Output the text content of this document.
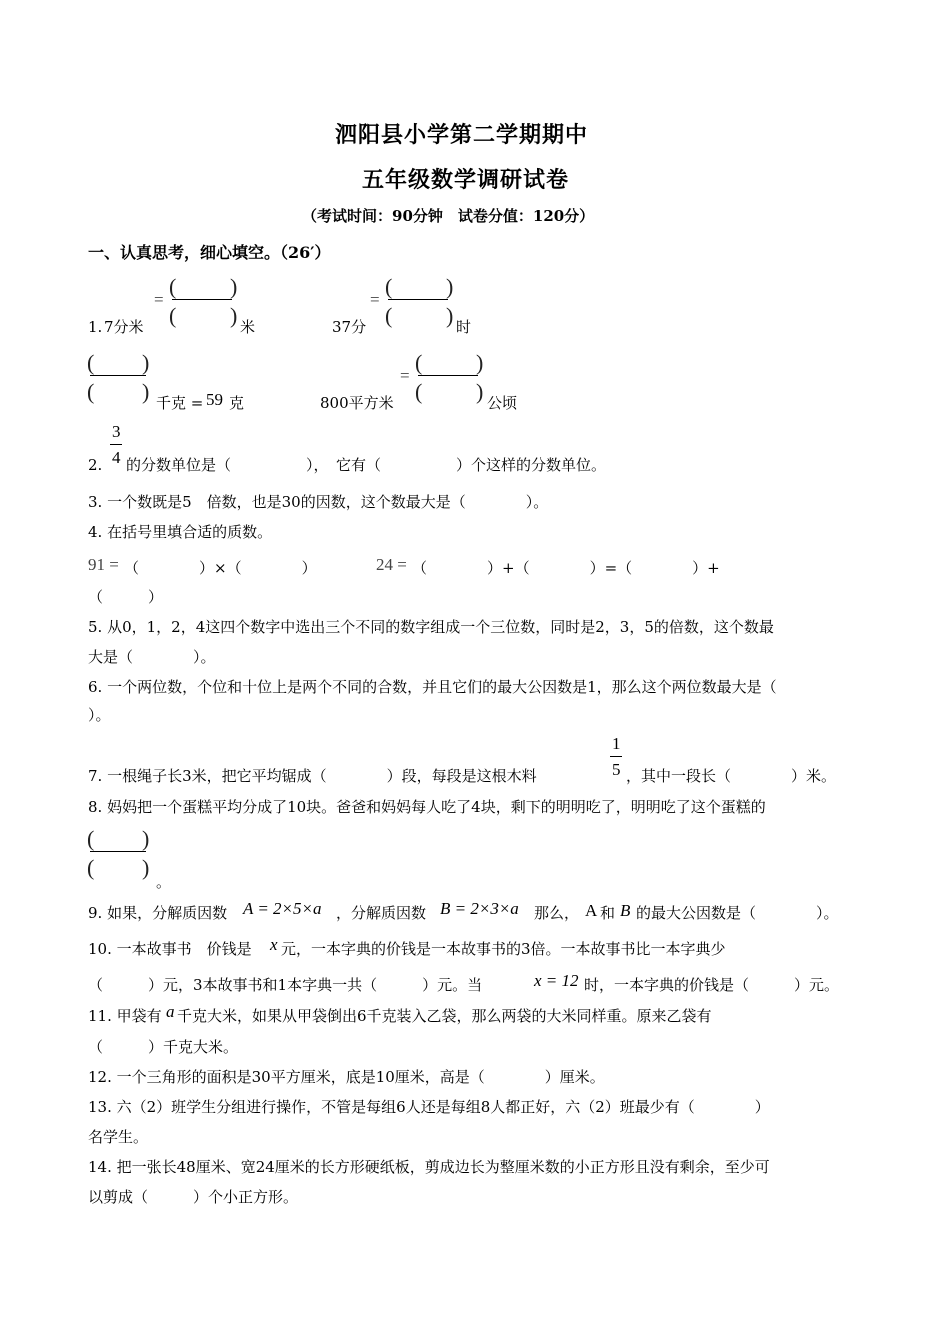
泗阳县小学第二学期期中
五年级数学调研试卷
（考试时间：90分钟　试卷分值：120分）
一、认真思考，细心填空。（26′）
1. 7分米
=
( )
( ) 米	37分
=
( )
( ) 时
( )
( ) 千克 = 59 克	800平方米
=
( )
( ) 公顷
2.
3
4 的分数单位是（　　　　　），　它有（　　　　　）个这样的分数单位。
3. 一个数既是5　倍数，也是30的因数，这个数最大是（　　　　）。
4. 在括号里填合适的质数。
91 = （　　　　）×（　　　　）	24 = （　　　　）+（　　　　）=（　　　　）+
（　　　）
5. 从0，1，2，4这四个数字中选出三个不同的数字组成一个三位数，同时是2，3，5的倍数，这个数最
大是（　　　　）。
6. 一个两位数，个位和十位上是两个不同的合数，并且它们的最大公因数是1，那么这个两位数最大是（
）。
7. 一根绳子长3米，把它平均锯成（　　　　）段，每段是这根木料
1
5 ，其中一段长（　　　　）米。
8. 妈妈把一个蛋糕平均分成了10块。爸爸和妈妈每人吃了4块，剩下的明明吃了，明明吃了这个蛋糕的
( )
( )
。
9. 如果，分解质因数 A = 2×5×a ，分解质因数 B = 2×3×a 那么， A 和 B 的最大公因数是（　　　　）。
10. 一本故事书　价钱是 x 元，一本字典的价钱是一本故事书的3倍。一本故事书比一本字典少
（　　　）元，3本故事书和1本字典一共（　　　）元。当	x = 12 时，一本字典的价钱是（　　　）元。
11. 甲袋有 a 千克大米，如果从甲袋倒出6千克装入乙袋，那么两袋的大米同样重。原来乙袋有
（　　　）千克大米。
12. 一个三角形的面积是30平方厘米，底是10厘米，高是（　　　　）厘米。
13. 六（2）班学生分组进行操作，不管是每组6人还是每组8人都正好，六（2）班最少有（　　　　）
名学生。
14. 把一张长48厘米、宽24厘米的长方形硬纸板，剪成边长为整厘米数的小正方形且没有剩余，至少可
以剪成（　　　）个小正方形。
